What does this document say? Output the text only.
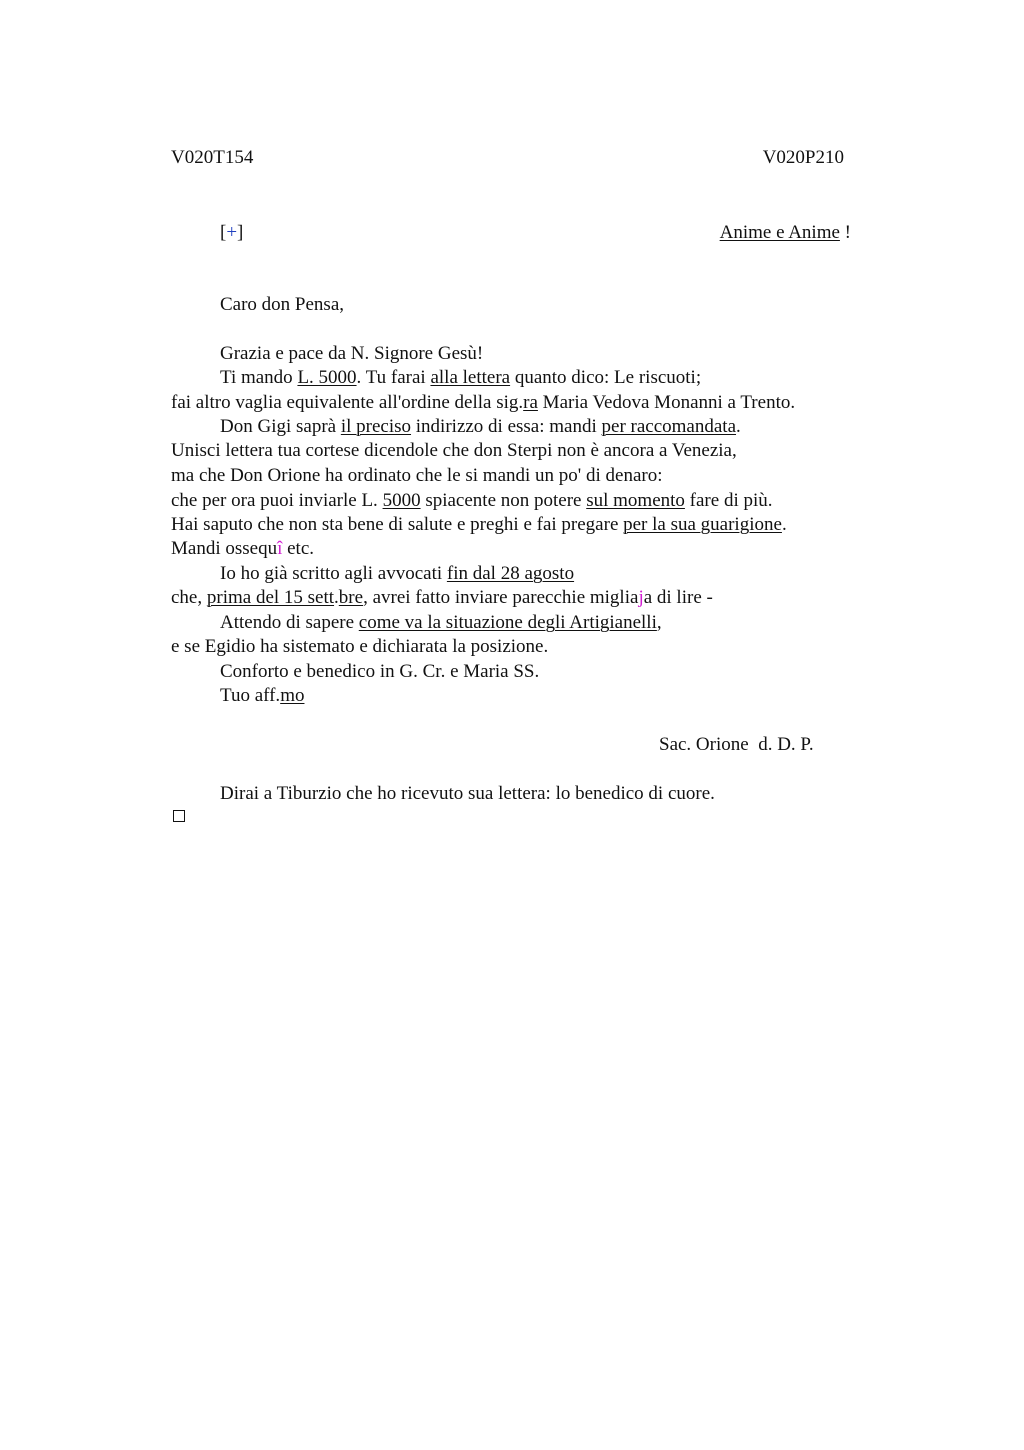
V020T154	V020P210
[+]	Anime e Anime !
Caro don Pensa,
Grazia e pace da N. Signore Gesù!
Ti mando L. 5000. Tu farai alla lettera quanto dico: Le riscuoti;
fai altro vaglia equivalente all'ordine della sig.ra Maria Vedova Monanni a Trento.
Don Gigi saprà il preciso indirizzo di essa: mandi per raccomandata.
Unisci lettera tua cortese dicendole che don Sterpi non è ancora a Venezia,
ma che Don Orione ha ordinato che le si mandi un po' di denaro:
che per ora puoi inviarle L. 5000 spiacente non potere sul momento fare di più.
Hai saputo che non sta bene di salute e preghi e fai pregare per la sua guarigione.
Mandi ossequî etc.
Io ho già scritto agli avvocati fin dal 28 agosto
che, prima del 15 sett.bre, avrei fatto inviare parecchie migliaja di lire -
Attendo di sapere come va la situazione degli Artigianelli,
e se Egidio ha sistemato e dichiarata la posizione.
Conforto e benedico in G. Cr. e Maria SS.
Tuo aff.mo
Sac. Orione  d. D. P.
Dirai a Tiburzio che ho ricevuto sua lettera: lo benedico di cuore.
